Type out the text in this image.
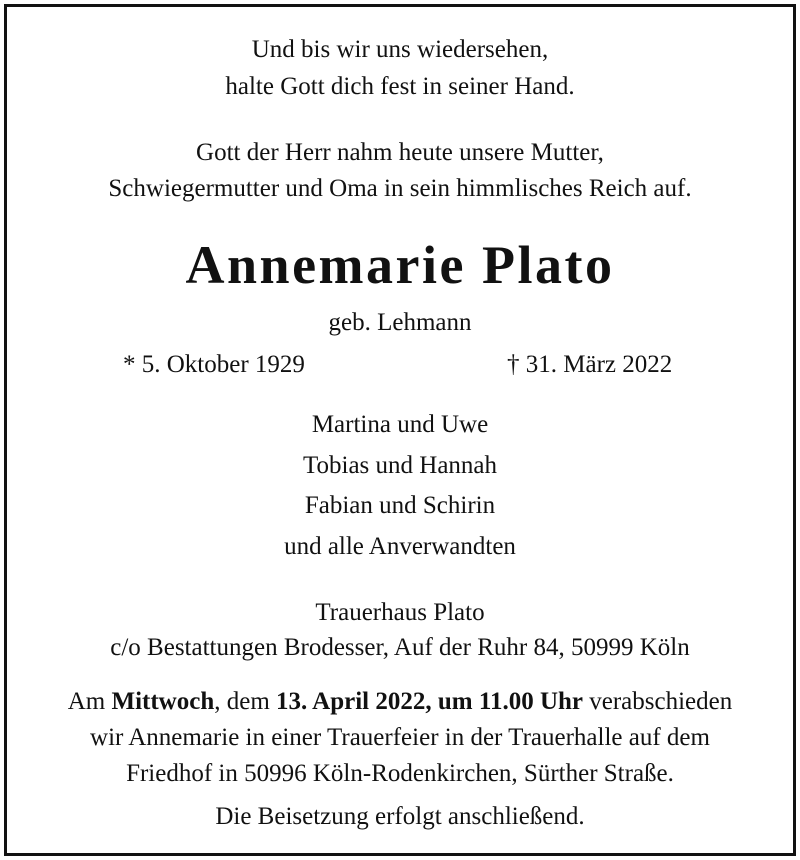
Und bis wir uns wiedersehen,
halte Gott dich fest in seiner Hand.
Gott der Herr nahm heute unsere Mutter,
Schwiegermutter und Oma in sein himmlisches Reich auf.
Annemarie Plato
geb. Lehmann
* 5. Oktober 1929	† 31. März 2022
Martina und Uwe
Tobias und Hannah
Fabian und Schirin
und alle Anverwandten
Trauerhaus Plato
c/o Bestattungen Brodesser, Auf der Ruhr 84, 50999 Köln
Am Mittwoch, dem 13. April 2022, um 11.00 Uhr verabschieden
wir Annemarie in einer Trauerfeier in der Trauerhalle auf dem
Friedhof in 50996 Köln-Rodenkirchen, Sürther Straße.
Die Beisetzung erfolgt anschließend.
